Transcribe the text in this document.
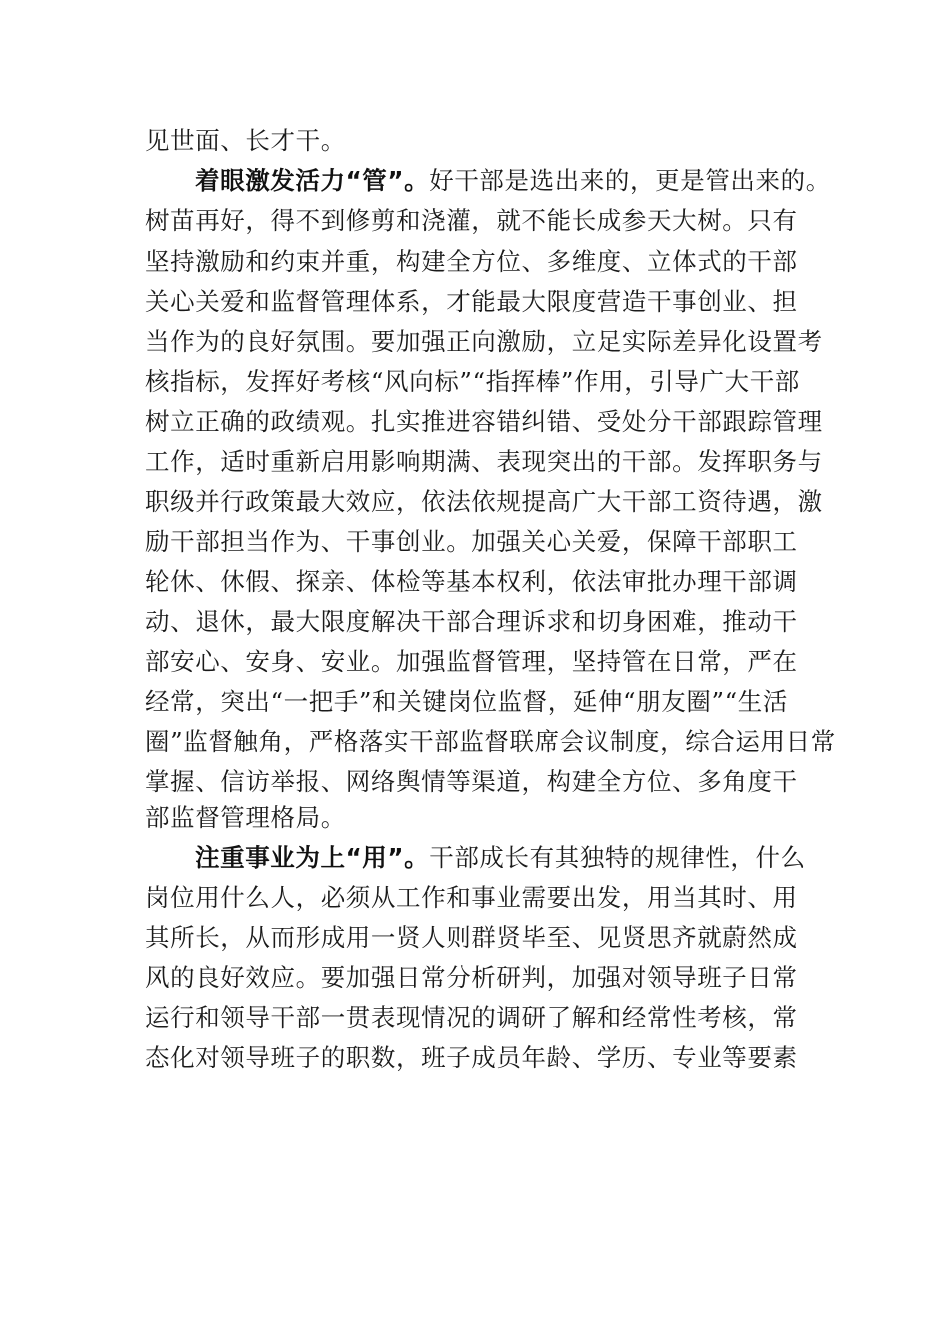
见世面、长才干。
着眼激发活力“管”。好干部是选出来的，更是管出来的。
树苗再好，得不到修剪和浇灌，就不能长成参天大树。只有
坚持激励和约束并重，构建全方位、多维度、立体式的干部
关心关爱和监督管理体系，才能最大限度营造干事创业、担
当作为的良好氛围。要加强正向激励，立足实际差异化设置考
核指标，发挥好考核“风向标”“指挥棒”作用，引导广大干部
树立正确的政绩观。扎实推进容错纠错、受处分干部跟踪管理
工作，适时重新启用影响期满、表现突出的干部。发挥职务与
职级并行政策最大效应，依法依规提高广大干部工资待遇，激
励干部担当作为、干事创业。加强关心关爱，保障干部职工
轮休、休假、探亲、体检等基本权利，依法审批办理干部调
动、退休，最大限度解决干部合理诉求和切身困难，推动干
部安心、安身、安业。加强监督管理，坚持管在日常，严在
经常，突出“一把手”和关键岗位监督，延伸“朋友圈”“生活
圈”监督触角，严格落实干部监督联席会议制度，综合运用日常
掌握、信访举报、网络舆情等渠道，构建全方位、多角度干
部监督管理格局。
注重事业为上“用”。干部成长有其独特的规律性，什么
岗位用什么人，必须从工作和事业需要出发，用当其时、用
其所长，从而形成用一贤人则群贤毕至、见贤思齐就蔚然成
风的良好效应。要加强日常分析研判，加强对领导班子日常
运行和领导干部一贯表现情况的调研了解和经常性考核，常
态化对领导班子的职数，班子成员年龄、学历、专业等要素
